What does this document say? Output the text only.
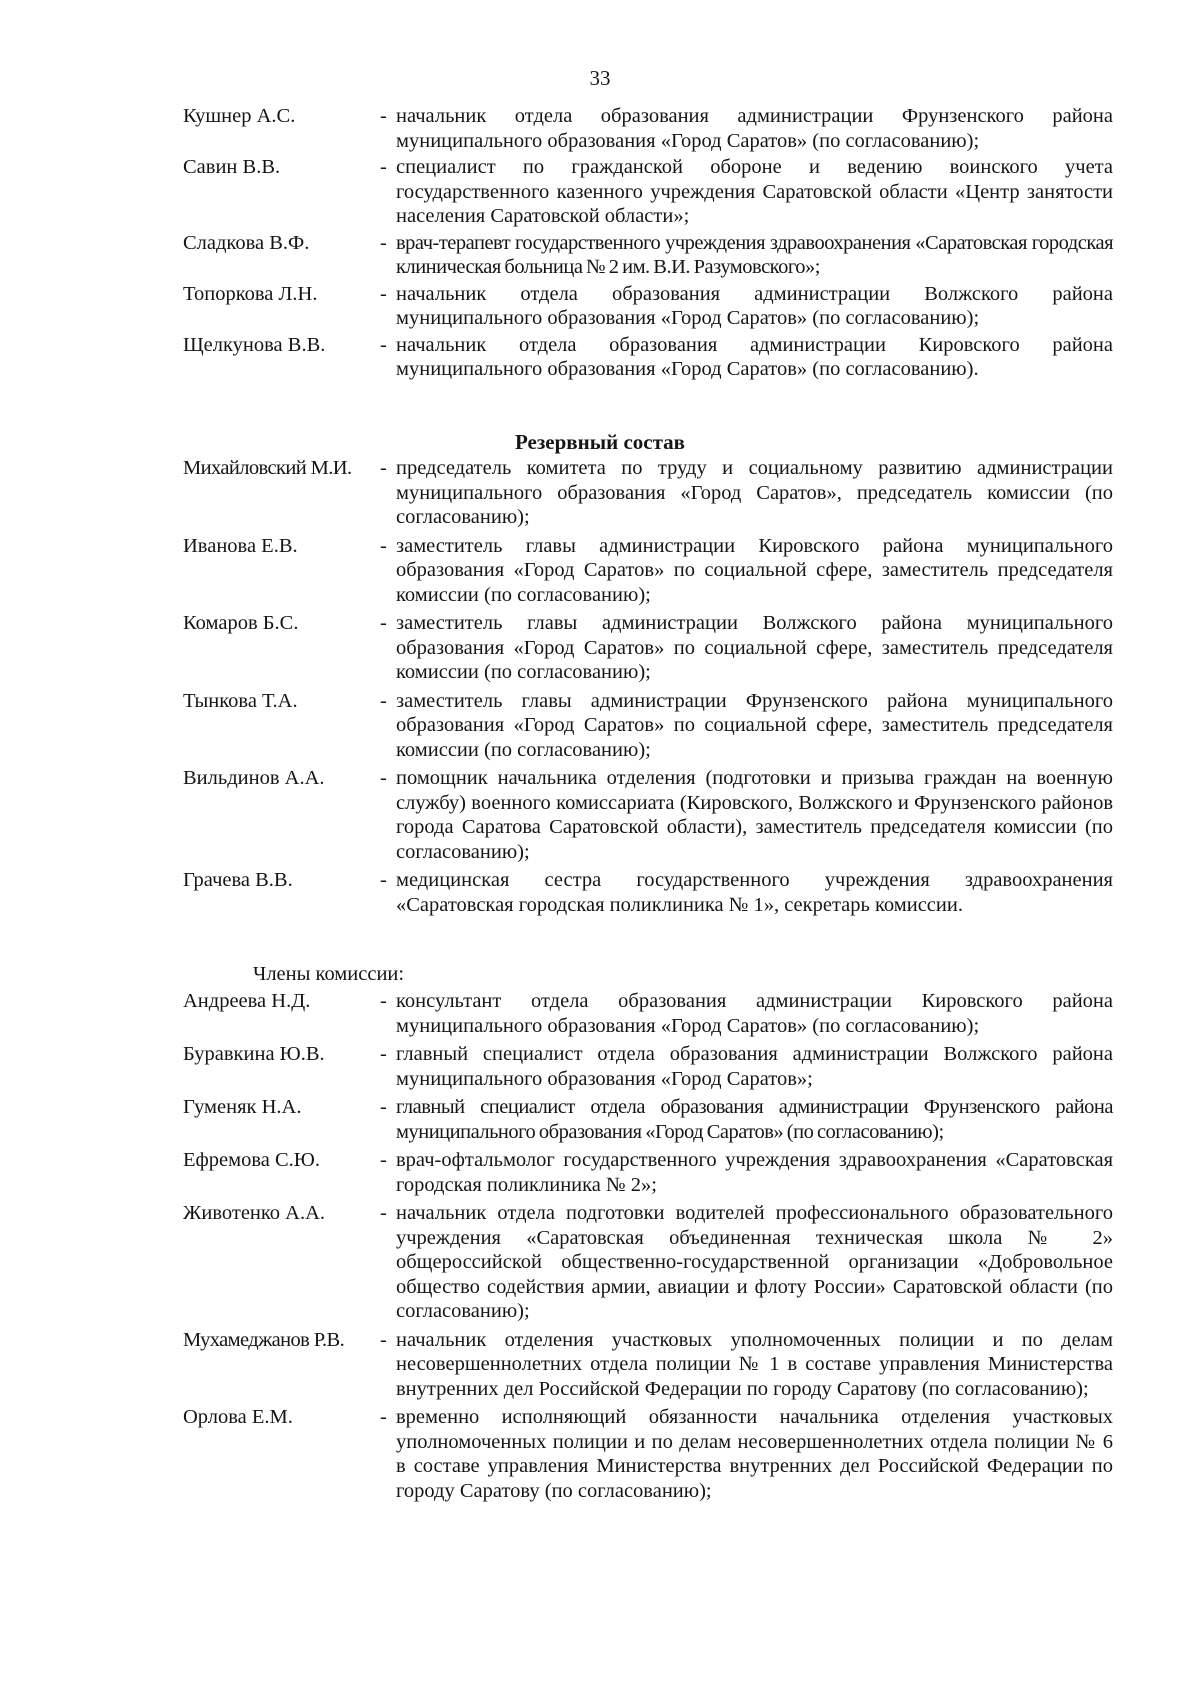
33
Кушнер А.С.	- начальник отдела образования администрации Фрунзенского района муниципального образования «Город Саратов» (по согласованию);
Савин В.В.	- специалист по гражданской обороне и ведению воинского учета государственного казенного учреждения Саратовской области «Центр занятости населения Саратовской области»;
Сладкова В.Ф.	- врач-терапевт государственного учреждения здравоохранения «Саратовская городская клиническая больница № 2 им. В.И. Разумовского»;
Топоркова Л.Н.	- начальник отдела образования администрации Волжского района муниципального образования «Город Саратов» (по согласованию);
Щелкунова В.В.	- начальник отдела образования администрации Кировского района муниципального образования «Город Саратов» (по согласованию).
Резервный состав
Михайловский М.И. - председатель комитета по труду и социальному развитию администрации муниципального образования «Город Саратов», председатель комиссии (по согласованию);
Иванова Е.В.	- заместитель главы администрации Кировского района муниципального образования «Город Саратов» по социальной сфере, заместитель председателя комиссии (по согласованию);
Комаров Б.С.	- заместитель главы администрации Волжского района муниципального образования «Город Саратов» по социальной сфере, заместитель председателя комиссии (по согласованию);
Тынкова Т.А.	- заместитель главы администрации Фрунзенского района муниципального образования «Город Саратов» по социальной сфере, заместитель председателя комиссии (по согласованию);
Вильдинов А.А.	- помощник начальника отделения (подготовки и призыва граждан на военную службу) военного комиссариата (Кировского, Волжского и Фрунзенского районов города Саратова Саратовской области), заместитель председателя комиссии (по согласованию);
Грачева В.В.	- медицинская сестра государственного учреждения здравоохранения «Саратовская городская поликлиника № 1», секретарь комиссии.
Члены комиссии:
Андреева Н.Д.	- консультант отдела образования администрации Кировского района муниципального образования «Город Саратов» (по согласованию);
Буравкина Ю.В.	- главный специалист отдела образования администрации Волжского района муниципального образования «Город Саратов»;
Гуменяк Н.А.	- главный специалист отдела образования администрации Фрунзенского района муниципального образования «Город Саратов» (по согласованию);
Ефремова С.Ю.	- врач-офтальмолог государственного учреждения здравоохранения «Саратовская городская поликлиника № 2»;
Животенко А.А.	- начальник отдела подготовки водителей профессионального образовательного учреждения «Саратовская объединенная техническая школа № 2» общероссийской общественно-государственной организации «Добровольное общество содействия армии, авиации и флоту России» Саратовской области (по согласованию);
Мухамеджанов Р.В. - начальник отделения участковых уполномоченных полиции и по делам несовершеннолетних отдела полиции № 1 в составе управления Министерства внутренних дел Российской Федерации по городу Саратову (по согласованию);
Орлова Е.М.	- временно исполняющий обязанности начальника отделения участковых уполномоченных полиции и по делам несовершеннолетних отдела полиции № 6 в составе управления Министерства внутренних дел Российской Федерации по городу Саратову (по согласованию);
